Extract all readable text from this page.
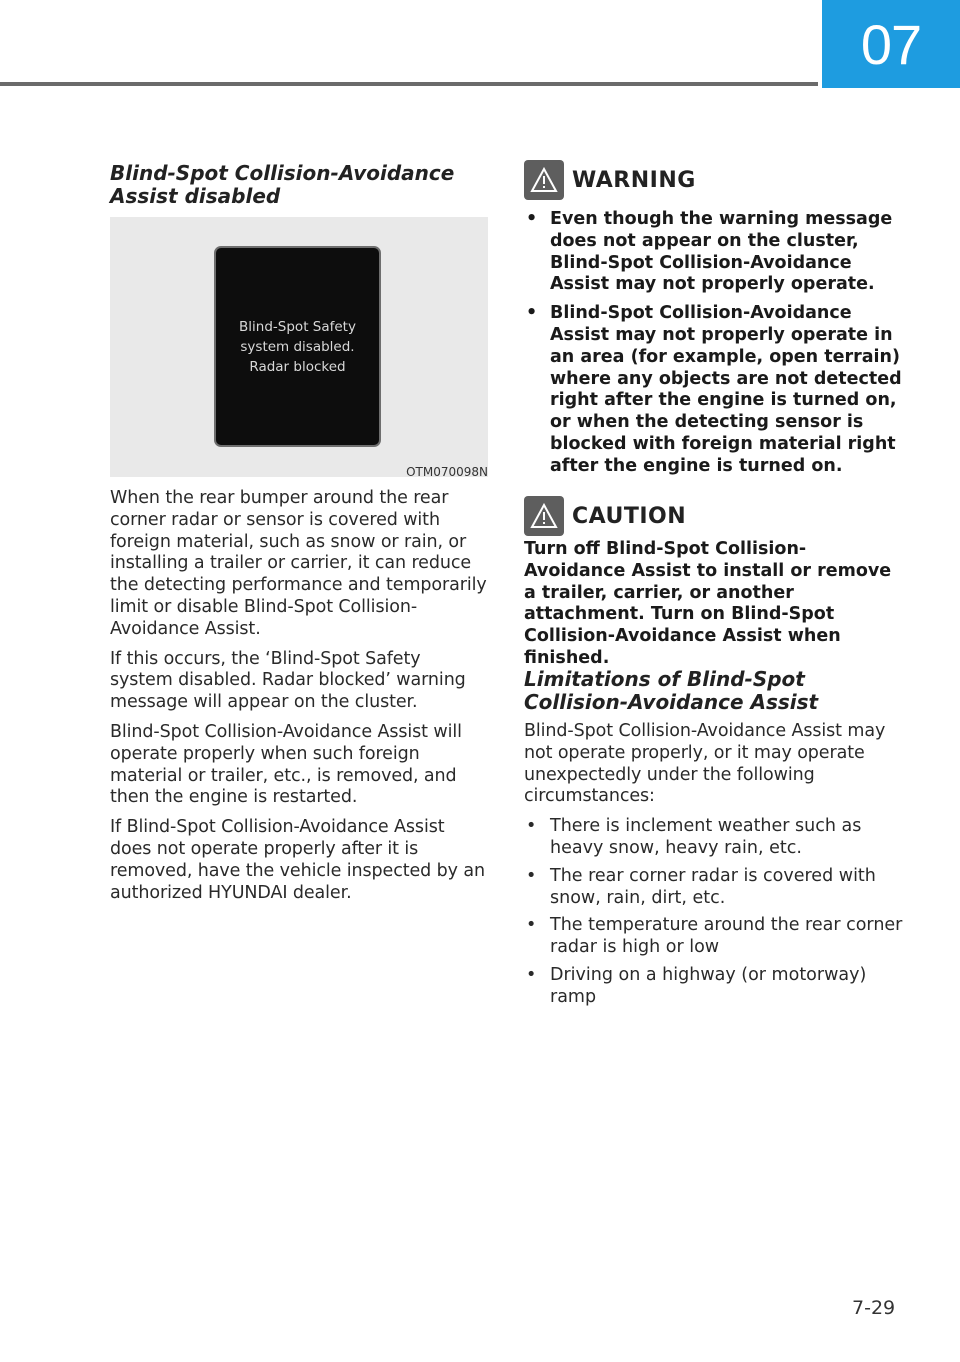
07
Blind-Spot Collision-Avoidance Assist disabled
Blind-Spot Safety
system disabled.
Radar blocked
OTM070098N

When the rear bumper around the rear corner radar or sensor is covered with foreign material, such as snow or rain, or installing a trailer or carrier, it can reduce the detecting performance and temporarily limit or disable Blind-Spot Collision-Avoidance Assist.

If this occurs, the ‘Blind-Spot Safety system disabled. Radar blocked’ warning message will appear on the cluster.

Blind-Spot Collision-Avoidance Assist will operate properly when such foreign material or trailer, etc., is removed, and then the engine is restarted.

If Blind-Spot Collision-Avoidance Assist does not operate properly after it is removed, have the vehicle inspected by an authorized HYUNDAI dealer.

WARNING
• Even though the warning message does not appear on the cluster, Blind-Spot Collision-Avoidance Assist may not properly operate.
• Blind-Spot Collision-Avoidance Assist may not properly operate in an area (for example, open terrain) where any objects are not detected right after the engine is turned on, or when the detecting sensor is blocked with foreign material right after the engine is turned on.
CAUTION

Turn off Blind-Spot Collision-Avoidance Assist to install or remove a trailer, carrier, or another attachment. Turn on Blind-Spot Collision-Avoidance Assist when finished.

Limitations of Blind-Spot Collision-Avoidance Assist

Blind-Spot Collision-Avoidance Assist may not operate properly, or it may operate unexpectedly under the following circumstances:

• There is inclement weather such as heavy snow, heavy rain, etc.
• The rear corner radar is covered with snow, rain, dirt, etc.
• The temperature around the rear corner radar is high or low
• Driving on a highway (or motorway) ramp
7-29
